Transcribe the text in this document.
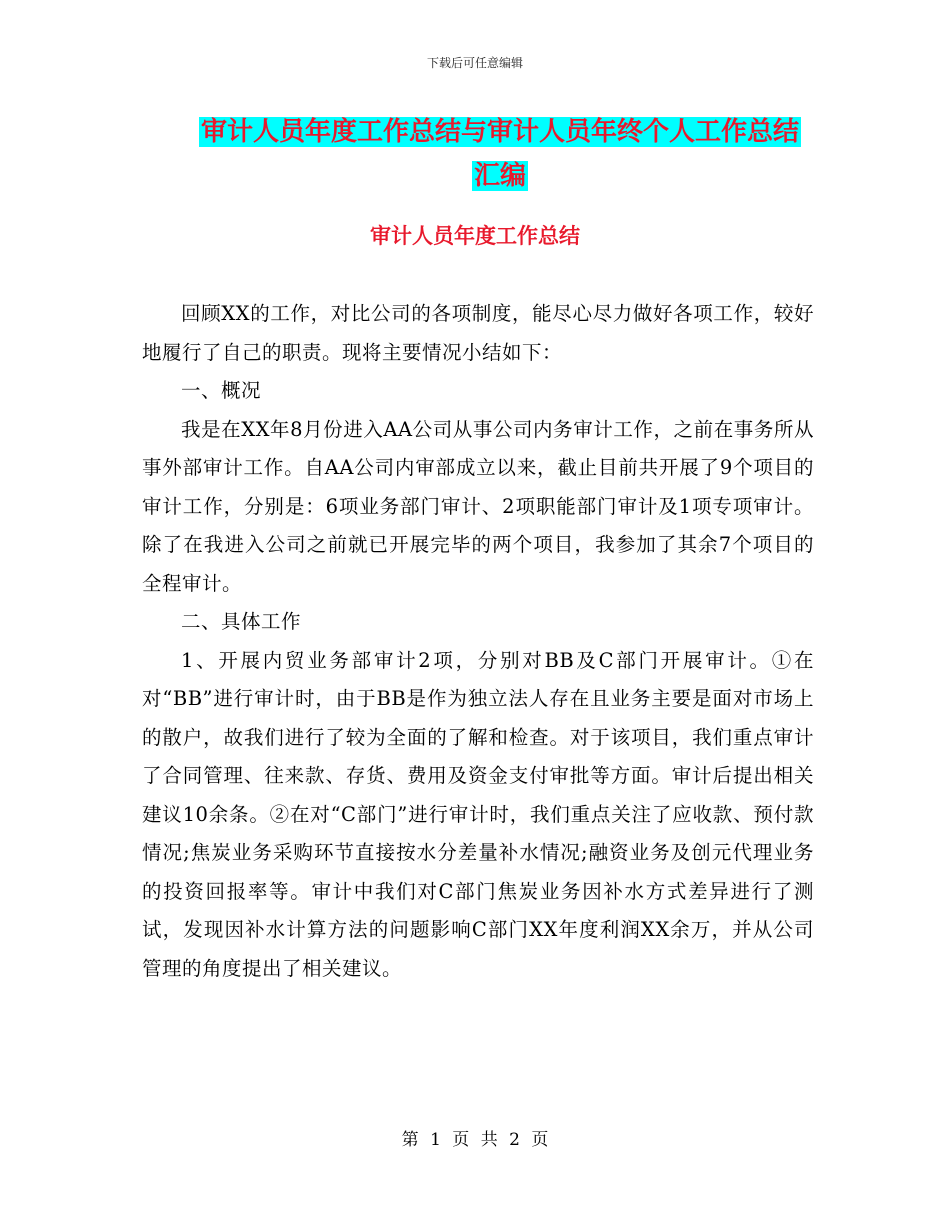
下载后可任意编辑
审计人员年度工作总结与审计人员年终个人工作总结
汇编
审计人员年度工作总结

回顾XX的工作，对比公司的各项制度，能尽心尽力做好各项工作，较好地履行了自己的职责。现将主要情况小结如下：

一、概况

我是在XX年8月份进入AA公司从事公司内务审计工作，之前在事务所从事外部审计工作。自AA公司内审部成立以来，截止目前共开展了9个项目的审计工作，分别是：6项业务部门审计、2项职能部门审计及1项专项审计。除了在我进入公司之前就已开展完毕的两个项目，我参加了其余7个项目的全程审计。

二、具体工作

1、开展内贸业务部审计2项，分别对BB及C部门开展审计。①在对“BB”进行审计时，由于BB是作为独立法人存在且业务主要是面对市场上的散户，故我们进行了较为全面的了解和检查。对于该项目，我们重点审计了合同管理、往来款、存货、费用及资金支付审批等方面。审计后提出相关建议10余条。②在对“C部门”进行审计时，我们重点关注了应收款、预付款情况;焦炭业务采购环节直接按水分差量补水情况;融资业务及创元代理业务的投资回报率等。审计中我们对C部门焦炭业务因补水方式差异进行了测试，发现因补水计算方法的问题影响C部门XX年度利润XX余万，并从公司管理的角度提出了相关建议。

第 1 页 共 2 页
